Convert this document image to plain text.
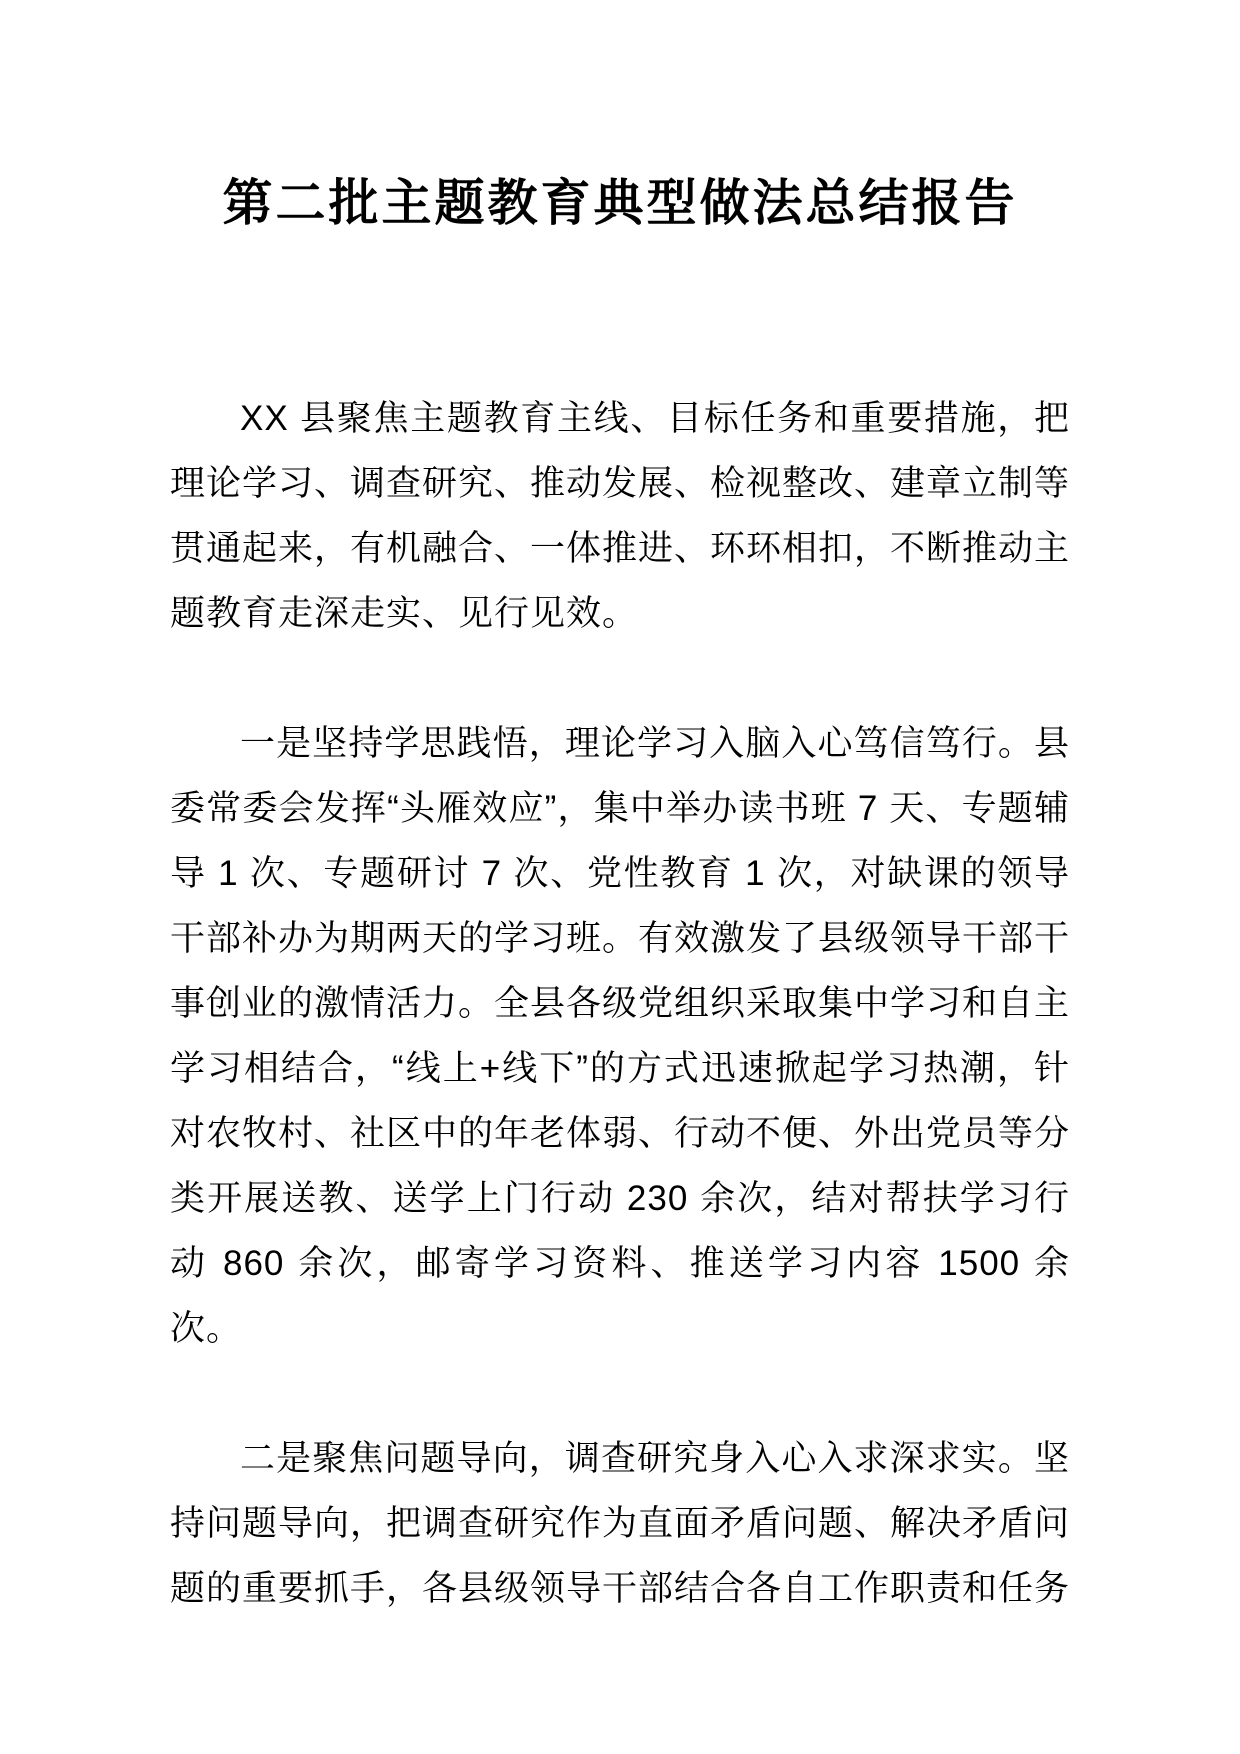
第二批主题教育典型做法总结报告

XX 县聚焦主题教育主线、目标任务和重要措施，把理论学习、调查研究、推动发展、检视整改、建章立制等贯通起来，有机融合、一体推进、环环相扣，不断推动主题教育走深走实、见行见效。

一是坚持学思践悟，理论学习入脑入心笃信笃行。县委常委会发挥“头雁效应”，集中举办读书班 7 天、专题辅导 1 次、专题研讨 7 次、党性教育 1 次，对缺课的领导干部补办为期两天的学习班。有效激发了县级领导干部干事创业的激情活力。全县各级党组织采取集中学习和自主学习相结合，“线上+线下”的方式迅速掀起学习热潮，针对农牧村、社区中的年老体弱、行动不便、外出党员等分类开展送教、送学上门行动 230 余次，结对帮扶学习行动 860 余次，邮寄学习资料、推送学习内容 1500 余次。

二是聚焦问题导向，调查研究身入心入求深求实。坚持问题导向，把调查研究作为直面矛盾问题、解决矛盾问题的重要抓手，各县级领导干部结合各自工作职责和任务
